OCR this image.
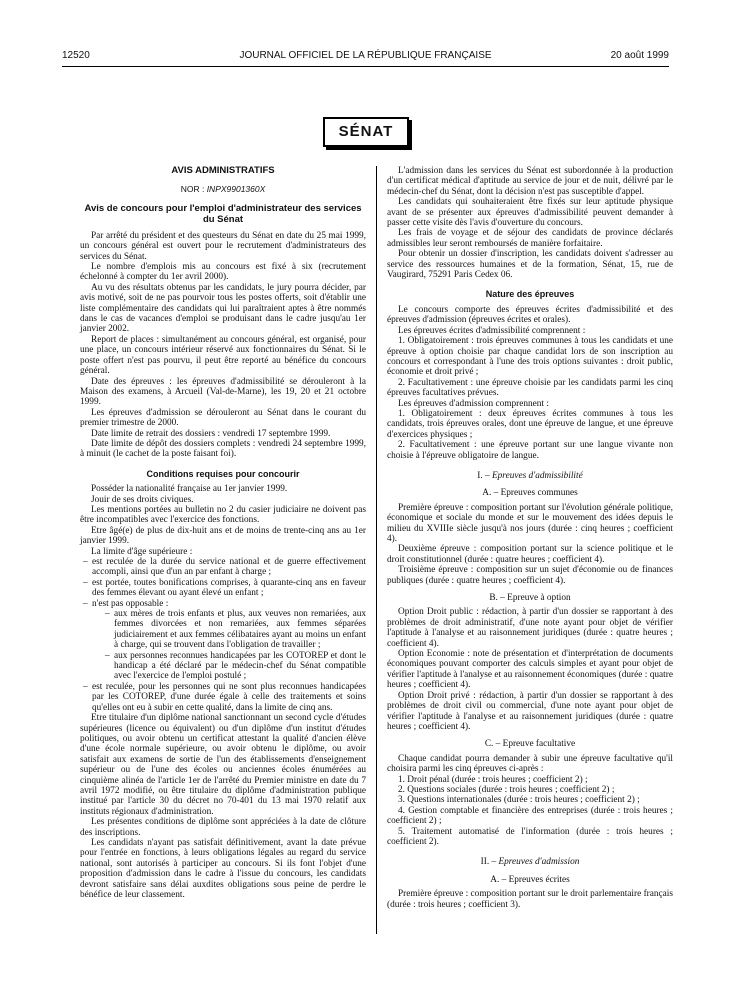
12520	JOURNAL OFFICIEL DE LA RÉPUBLIQUE FRANÇAISE	20 août 1999
SÉNAT
AVIS ADMINISTRATIFS
NOR : INPX9901360X
Avis de concours pour l'emploi d'administrateur des services du Sénat

Par arrêté du président et des questeurs du Sénat en date du 25 mai 1999, un concours général est ouvert pour le recrutement d'administrateurs des services du Sénat.

Le nombre d'emplois mis au concours est fixé à six (recrutement échelonné à compter du 1er avril 2000).

Au vu des résultats obtenus par les candidats, le jury pourra décider, par avis motivé, soit de ne pas pourvoir tous les postes offerts, soit d'établir une liste complémentaire des candidats qui lui paraîtraient aptes à être nommés dans le cas de vacances d'emploi se produisant dans le cadre jusqu'au 1er janvier 2002.

Report de places : simultanément au concours général, est organisé, pour une place, un concours intérieur réservé aux fonctionnaires du Sénat. Si le poste offert n'est pas pourvu, il peut être reporté au bénéfice du concours général.

Date des épreuves : les épreuves d'admissibilité se dérouleront à la Maison des examens, à Arcueil (Val-de-Marne), les 19, 20 et 21 octobre 1999.

Les épreuves d'admission se dérouleront au Sénat dans le courant du premier trimestre de 2000.

Date limite de retrait des dossiers : vendredi 17 septembre 1999.

Date limite de dépôt des dossiers complets : vendredi 24 septembre 1999, à minuit (le cachet de la poste faisant foi).

Conditions requises pour concourir

Posséder la nationalité française au 1er janvier 1999.

Jouir de ses droits civiques.

Les mentions portées au bulletin no 2 du casier judiciaire ne doivent pas être incompatibles avec l'exercice des fonctions.

Etre âgé(e) de plus de dix-huit ans et de moins de trente-cinq ans au 1er janvier 1999.

La limite d'âge supérieure :

– est reculée de la durée du service national et de guerre effectivement accompli, ainsi que d'un an par enfant à charge ;
– est portée, toutes bonifications comprises, à quarante-cinq ans en faveur des femmes élevant ou ayant élevé un enfant ;
– n'est pas opposable :
– aux mères de trois enfants et plus, aux veuves non remariées, aux femmes divorcées et non remariées, aux femmes séparées judiciairement et aux femmes célibataires ayant au moins un enfant à charge, qui se trouvent dans l'obligation de travailler ;
– aux personnes reconnues handicapées par les COTOREP et dont le handicap a été déclaré par le médecin-chef du Sénat compatible avec l'exercice de l'emploi postulé ;
– est reculée, pour les personnes qui ne sont plus reconnues handicapées par les COTOREP, d'une durée égale à celle des traitements et soins qu'elles ont eu à subir en cette qualité, dans la limite de cinq ans.

Etre titulaire d'un diplôme national sanctionnant un second cycle d'études supérieures (licence ou équivalent) ou d'un diplôme d'un institut d'études politiques, ou avoir obtenu un certificat attestant la qualité d'ancien élève d'une école normale supérieure, ou avoir obtenu le diplôme, ou avoir satisfait aux examens de sortie de l'un des établissements d'enseignement supérieur ou de l'une des écoles ou anciennes écoles énumérées au cinquième alinéa de l'article 1er de l'arrêté du Premier ministre en date du 7 avril 1972 modifié, ou être titulaire du diplôme d'administration publique institué par l'article 30 du décret no 70-401 du 13 mai 1970 relatif aux instituts régionaux d'administration.

Les présentes conditions de diplôme sont appréciées à la date de clôture des inscriptions.

Les candidats n'ayant pas satisfait définitivement, avant la date prévue pour l'entrée en fonctions, à leurs obligations légales au regard du service national, sont autorisés à participer au concours. Si ils font l'objet d'une proposition d'admission dans le cadre à l'issue du concours, les candidats devront satisfaire sans délai auxdites obligations sous peine de perdre le bénéfice de leur classement.

L'admission dans les services du Sénat est subordonnée à la production d'un certificat médical d'aptitude au service de jour et de nuit, délivré par le médecin-chef du Sénat, dont la décision n'est pas susceptible d'appel.

Les candidats qui souhaiteraient être fixés sur leur aptitude physique avant de se présenter aux épreuves d'admissibilité peuvent demander à passer cette visite dès l'avis d'ouverture du concours.

Les frais de voyage et de séjour des candidats de province déclarés admissibles leur seront remboursés de manière forfaitaire.

Pour obtenir un dossier d'inscription, les candidats doivent s'adresser au service des ressources humaines et de la formation, Sénat, 15, rue de Vaugirard, 75291 Paris Cedex 06.

Nature des épreuves

Le concours comporte des épreuves écrites d'admissibilité et des épreuves d'admission (épreuves écrites et orales).

Les épreuves écrites d'admissibilité comprennent :

1. Obligatoirement : trois épreuves communes à tous les candidats et une épreuve à option choisie par chaque candidat lors de son inscription au concours et correspondant à l'une des trois options suivantes : droit public, économie et droit privé ;

2. Facultativement : une épreuve choisie par les candidats parmi les cinq épreuves facultatives prévues.

Les épreuves d'admission comprennent :

1. Obligatoirement : deux épreuves écrites communes à tous les candidats, trois épreuves orales, dont une épreuve de langue, et une épreuve d'exercices physiques ;

2. Facultativement : une épreuve portant sur une langue vivante non choisie à l'épreuve obligatoire de langue.

I. – Epreuves d'admissibilité
A. – Epreuves communes

Première épreuve : composition portant sur l'évolution générale politique, économique et sociale du monde et sur le mouvement des idées depuis le milieu du XVIIIe siècle jusqu'à nos jours (durée : cinq heures ; coefficient 4).

Deuxième épreuve : composition portant sur la science politique et le droit constitutionnel (durée : quatre heures ; coefficient 4).

Troisième épreuve : composition sur un sujet d'économie ou de finances publiques (durée : quatre heures ; coefficient 4).

B. – Epreuve à option

Option Droit public : rédaction, à partir d'un dossier se rapportant à des problèmes de droit administratif, d'une note ayant pour objet de vérifier l'aptitude à l'analyse et au raisonnement juridiques (durée : quatre heures ; coefficient 4).

Option Economie : note de présentation et d'interprétation de documents économiques pouvant comporter des calculs simples et ayant pour objet de vérifier l'aptitude à l'analyse et au raisonnement économiques (durée : quatre heures ; coefficient 4).

Option Droit privé : rédaction, à partir d'un dossier se rapportant à des problèmes de droit civil ou commercial, d'une note ayant pour objet de vérifier l'aptitude à l'analyse et au raisonnement juridiques (durée : quatre heures ; coefficient 4).

C. – Epreuve facultative

Chaque candidat pourra demander à subir une épreuve facultative qu'il choisira parmi les cinq épreuves ci-après :

1. Droit pénal (durée : trois heures ; coefficient 2) ;

2. Questions sociales (durée : trois heures ; coefficient 2) ;

3. Questions internationales (durée : trois heures ; coefficient 2) ;

4. Gestion comptable et financière des entreprises (durée : trois heures ; coefficient 2) ;

5. Traitement automatisé de l'information (durée : trois heures ; coefficient 2).

II. – Epreuves d'admission
A. – Epreuves écrites

Première épreuve : composition portant sur le droit parlementaire français (durée : trois heures ; coefficient 3).
